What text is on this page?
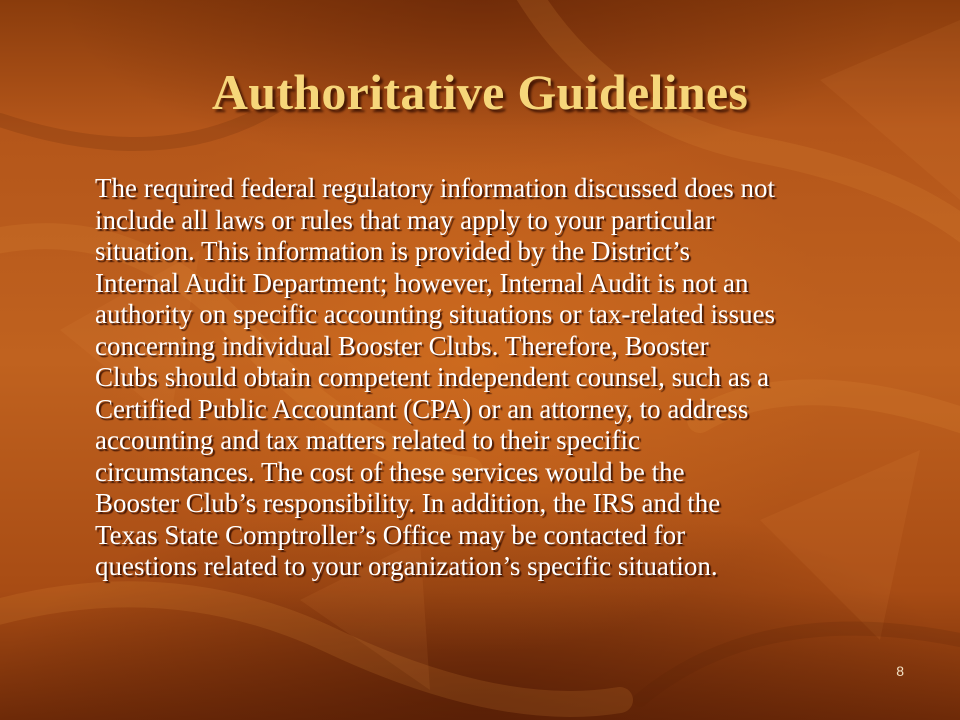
Authoritative Guidelines

The required federal regulatory information discussed does not
include all laws or rules that may apply to your particular
situation. This information is provided by the District’s
Internal Audit Department; however, Internal Audit is not an
authority on specific accounting situations or tax-related issues
concerning individual Booster Clubs. Therefore, Booster
Clubs should obtain competent independent counsel, such as a
Certified Public Accountant (CPA) or an attorney, to address
accounting and tax matters related to their specific
circumstances. The cost of these services would be the
Booster Club’s responsibility. In addition, the IRS and the
Texas State Comptroller’s Office may be contacted for
questions related to your organization’s specific situation.

8
